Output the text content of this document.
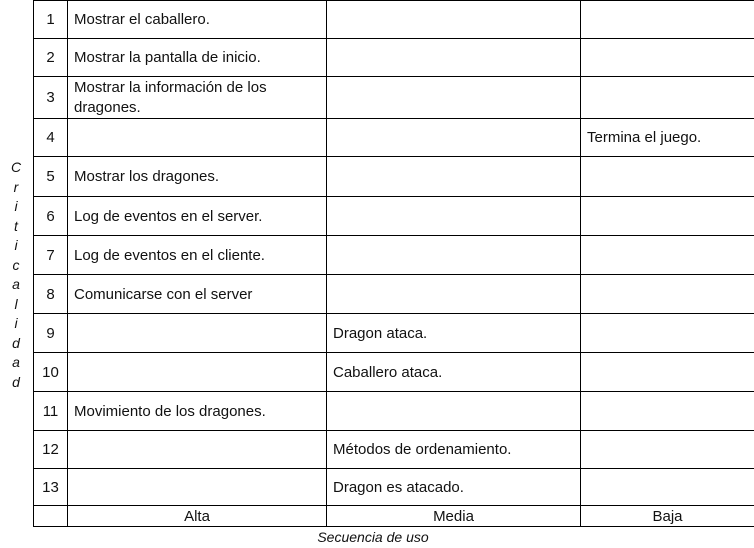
C
r
i
t
i
c
a
l
i
d
a
d
1	Mostrar el caballero.		
2	Mostrar la pantalla de inicio.		
3	Mostrar la información de los dragones.		
4			Termina el juego.
5	Mostrar los dragones.		
6	Log de eventos en el server.		
7	Log de eventos en el cliente.		
8	Comunicarse con el server		
9		Dragon ataca.	
10		Caballero ataca.	
11	Movimiento de los dragones.		
12		Métodos de ordenamiento.	
13		Dragon es atacado.	
	Alta	Media	Baja
Secuencia de uso
